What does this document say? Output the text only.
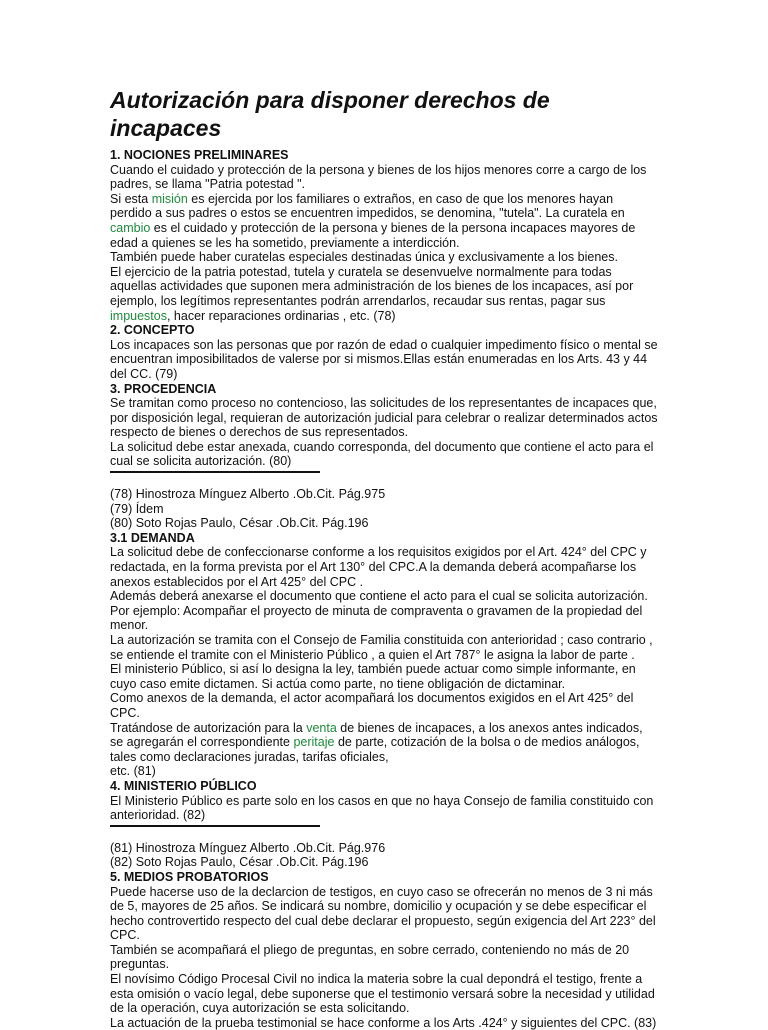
Autorización para disponer derechos de incapaces
1. NOCIONES PRELIMINARES
Cuando el cuidado y protección de la persona y bienes de los hijos menores corre a cargo de los padres, se llama "Patria potestad ".
Si esta misión es ejercida por los familiares o extraños, en caso de que los menores hayan perdido a sus padres o estos se encuentren impedidos, se denomina, "tutela". La curatela en cambio es el cuidado y protección de la persona y bienes de la persona incapaces mayores de edad a quienes se les ha sometido, previamente a interdicción.
También puede haber curatelas especiales destinadas única y exclusivamente a los bienes.
El ejercicio de la patria potestad, tutela y curatela se desenvuelve normalmente para todas aquellas actividades que suponen mera administración de los bienes de los incapaces, así por ejemplo, los legítimos representantes podrán arrendarlos, recaudar sus rentas, pagar sus impuestos, hacer reparaciones ordinarias , etc. (78)
2. CONCEPTO
Los incapaces son las personas que por razón de edad o cualquier impedimento físico o mental se encuentran imposibilitados de valerse por si mismos.Ellas están enumeradas en los Arts. 43 y 44 del CC. (79)
3. PROCEDENCIA
Se tramitan como proceso no contencioso, las solicitudes de los representantes de incapaces que, por disposición legal, requieran de autorización judicial para celebrar o realizar determinados actos respecto de bienes o derechos de sus representados.
La solicitud debe estar anexada, cuando corresponda, del documento que contiene el acto para el cual se solicita autorización. (80)
(78) Hinostroza Mínguez Alberto .Ob.Cit. Pág.975
(79) Ídem
(80) Soto Rojas Paulo, César .Ob.Cit. Pág.196
3.1 DEMANDA
La solicitud debe de confeccionarse conforme a los requisitos exigidos por el Art. 424° del CPC y redactada, en la forma prevista por el Art 130° del CPC.A la demanda deberá acompañarse los anexos establecidos por el Art 425° del CPC .
Además deberá anexarse el documento que contiene el acto para el cual se solicita autorización. Por ejemplo: Acompañar el proyecto de minuta de compraventa o gravamen de la propiedad del menor.
La autorización se tramita con el Consejo de Familia constituida con anterioridad ; caso contrario , se entiende el tramite con el Ministerio Público , a quien el Art 787° le asigna la labor de parte .
El ministerio Público, si así lo designa la ley, también puede actuar como simple informante, en cuyo caso emite dictamen. Si actúa como parte, no tiene obligación de dictaminar.
Como anexos de la demanda, el actor acompañará los documentos exigidos en el Art 425° del CPC.
Tratándose de autorización para la venta de bienes de incapaces, a los anexos antes indicados, se agregarán el correspondiente peritaje de parte, cotización de la bolsa o de medios análogos, tales como declaraciones juradas, tarifas oficiales,
etc. (81)
4. MINISTERIO PÚBLICO
El Ministerio Público es parte solo en los casos en que no haya Consejo de familia constituido con anterioridad. (82)
(81) Hinostroza Mínguez Alberto .Ob.Cit. Pág.976
(82) Soto Rojas Paulo, César .Ob.Cit. Pág.196
5. MEDIOS PROBATORIOS
Puede hacerse uso de la declarcion de testigos, en cuyo caso se ofrecerán no menos de 3 ni más de 5, mayores de 25 años. Se indicará su nombre, domicilio y ocupación y se debe especificar el hecho controvertido respecto del cual debe declarar el propuesto, según exigencia del Art 223° del CPC.
También se acompañará el pliego de preguntas, en sobre cerrado, conteniendo no más de 20 preguntas.
El novísimo Código Procesal Civil no indica la materia sobre la cual depondrá el testigo, frente a esta omisión o vacío legal, debe suponerse que el testimonio versará sobre la necesidad y utilidad de la operación, cuya autorización se esta solicitando.
La actuación de la prueba testimonial se hace conforme a los Arts .424° y siguientes del CPC. (83)
